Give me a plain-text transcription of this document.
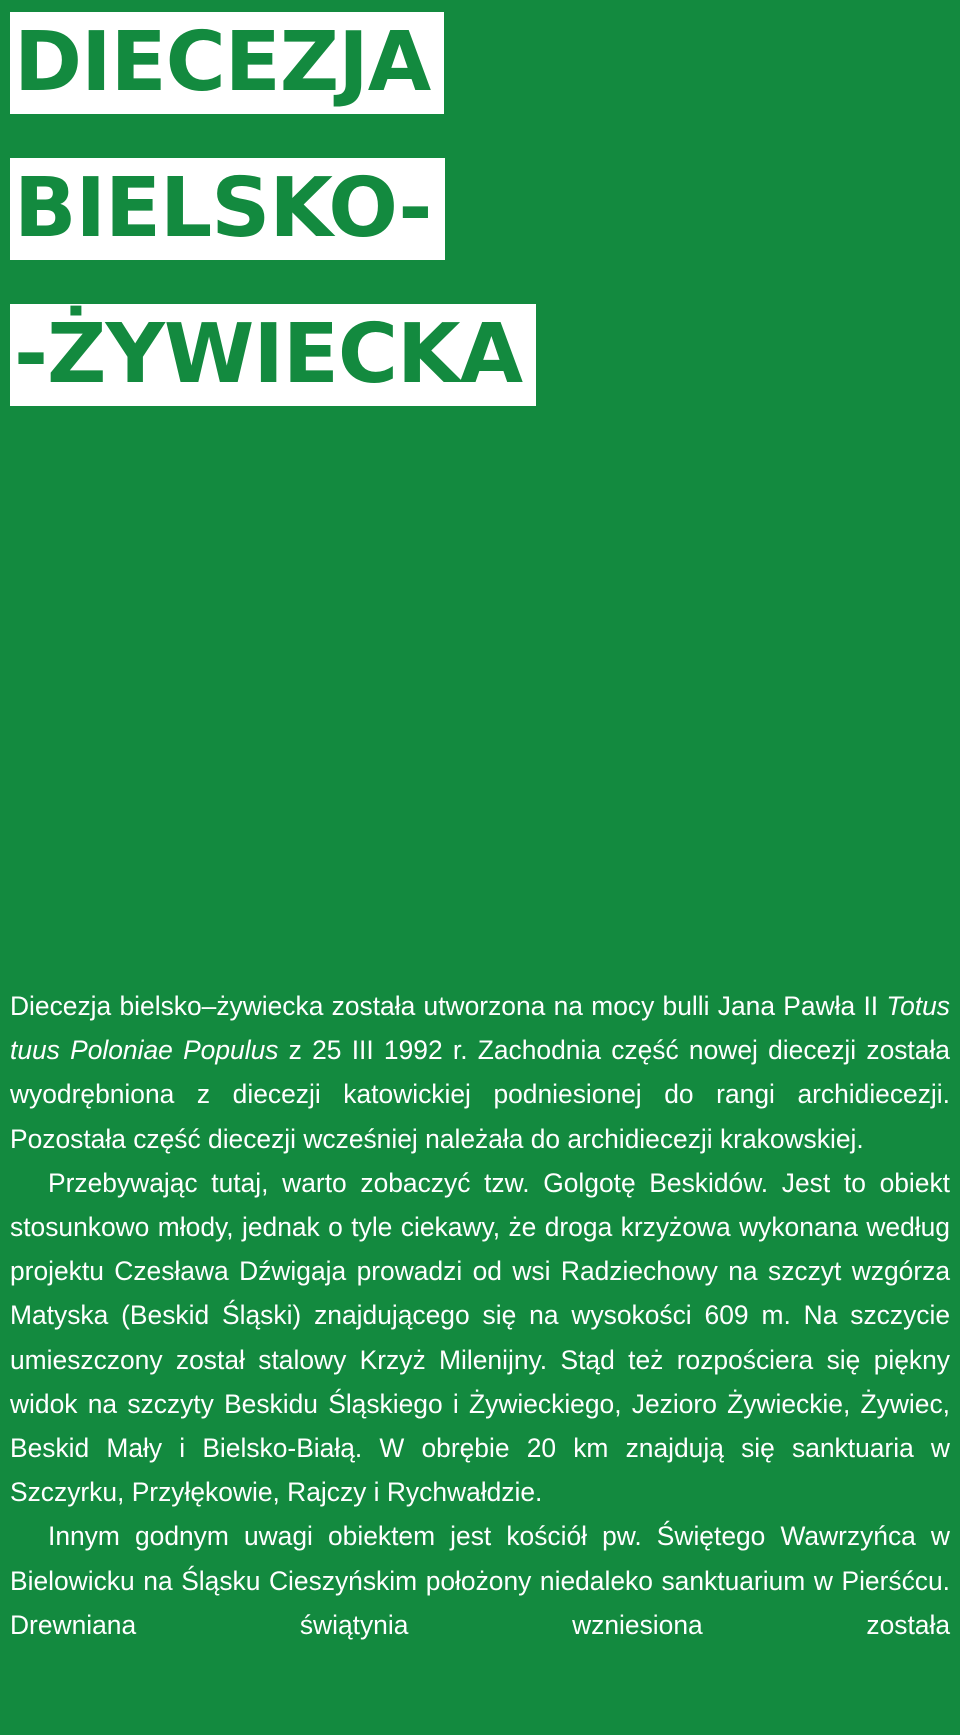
DIECEZJA
BIELSKO-
-ŻYWIECKA

Diecezja bielsko–żywiecka została utworzona na mocy bulli Jana Pawła II Totus tuus Poloniae Populus z 25 III 1992 r. Zachodnia część nowej diecezji została wyodrębniona z diecezji katowickiej podniesionej do rangi archidiecezji. Pozostała część diecezji wcześniej należała do archidiecezji krakowskiej.

Przebywając tutaj, warto zobaczyć tzw. Golgotę Beskidów. Jest to obiekt stosunkowo młody, jednak o tyle ciekawy, że droga krzyżowa wykonana według projektu Czesława Dźwigaja prowadzi od wsi Radziechowy na szczyt wzgórza Matyska (Beskid Śląski) znajdującego się na wysokości 609 m. Na szczycie umieszczony został stalowy Krzyż Milenijny. Stąd też rozpościera się piękny widok na szczyty Beskidu Śląskiego i Żywieckiego, Jezioro Żywieckie, Żywiec, Beskid Mały i Bielsko-Białą. W obrębie 20 km znajdują się sanktuaria w Szczyrku, Przyłękowie, Rajczy i Rychwałdzie.

Innym godnym uwagi obiektem jest kościół pw. Świętego Wawrzyńca w Bielowicku na Śląsku Cieszyńskim położony niedaleko sanktuarium w Pierśćcu. Drewniana świątynia wzniesiona została
